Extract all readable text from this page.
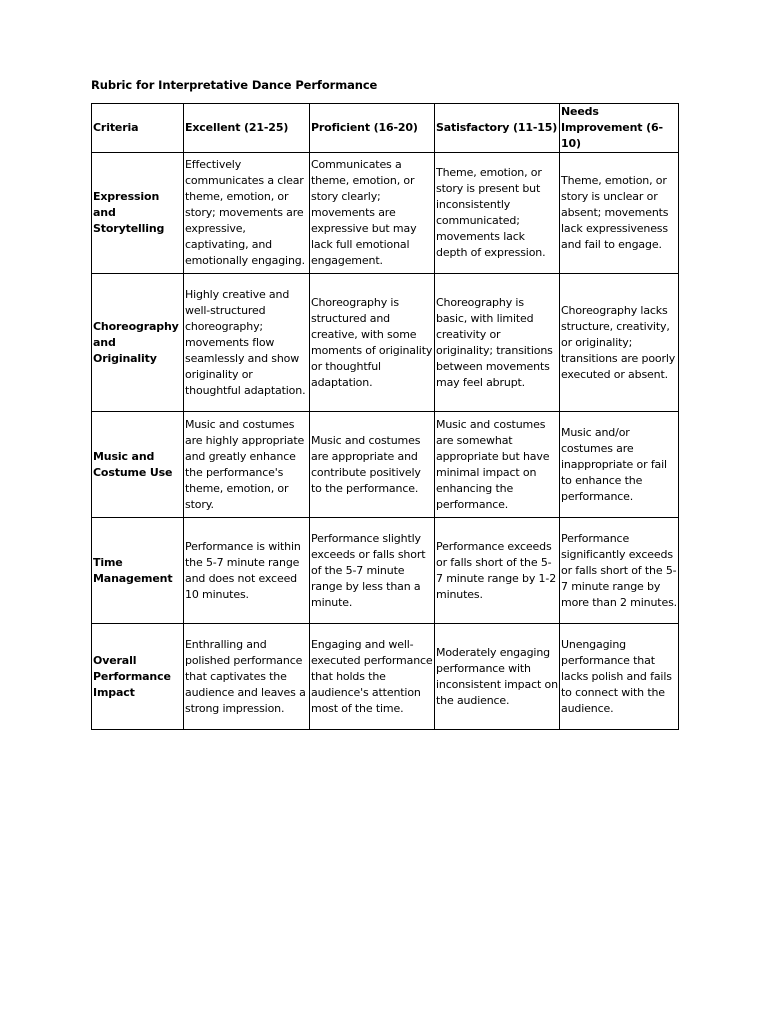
Rubric for Interpretative Dance Performance
Criteria	Excellent (21-25)	Proficient (16-20)	Satisfactory (11-15)	Needs Improvement (6-10)
Expression and Storytelling	Effectively communicates a clear theme, emotion, or story; movements are expressive, captivating, and emotionally engaging.	Communicates a theme, emotion, or story clearly; movements are expressive but may lack full emotional engagement.	Theme, emotion, or story is present but inconsistently communicated; movements lack depth of expression.	Theme, emotion, or story is unclear or absent; movements lack expressiveness and fail to engage.
Choreography and Originality	Highly creative and well-structured choreography; movements flow seamlessly and show originality or thoughtful adaptation.	Choreography is structured and creative, with some moments of originality or thoughtful adaptation.	Choreography is basic, with limited creativity or originality; transitions between movements may feel abrupt.	Choreography lacks structure, creativity, or originality; transitions are poorly executed or absent.
Music and Costume Use	Music and costumes are highly appropriate and greatly enhance the performance's theme, emotion, or story.	Music and costumes are appropriate and contribute positively to the performance.	Music and costumes are somewhat appropriate but have minimal impact on enhancing the performance.	Music and/or costumes are inappropriate or fail to enhance the performance.
Time Management	Performance is within the 5-7 minute range and does not exceed 10 minutes.	Performance slightly exceeds or falls short of the 5-7 minute range by less than a minute.	Performance exceeds or falls short of the 5-7 minute range by 1-2 minutes.	Performance significantly exceeds or falls short of the 5-7 minute range by more than 2 minutes.
Overall Performance Impact	Enthralling and polished performance that captivates the audience and leaves a strong impression.	Engaging and well-executed performance that holds the audience's attention most of the time.	Moderately engaging performance with inconsistent impact on the audience.	Unengaging performance that lacks polish and fails to connect with the audience.
